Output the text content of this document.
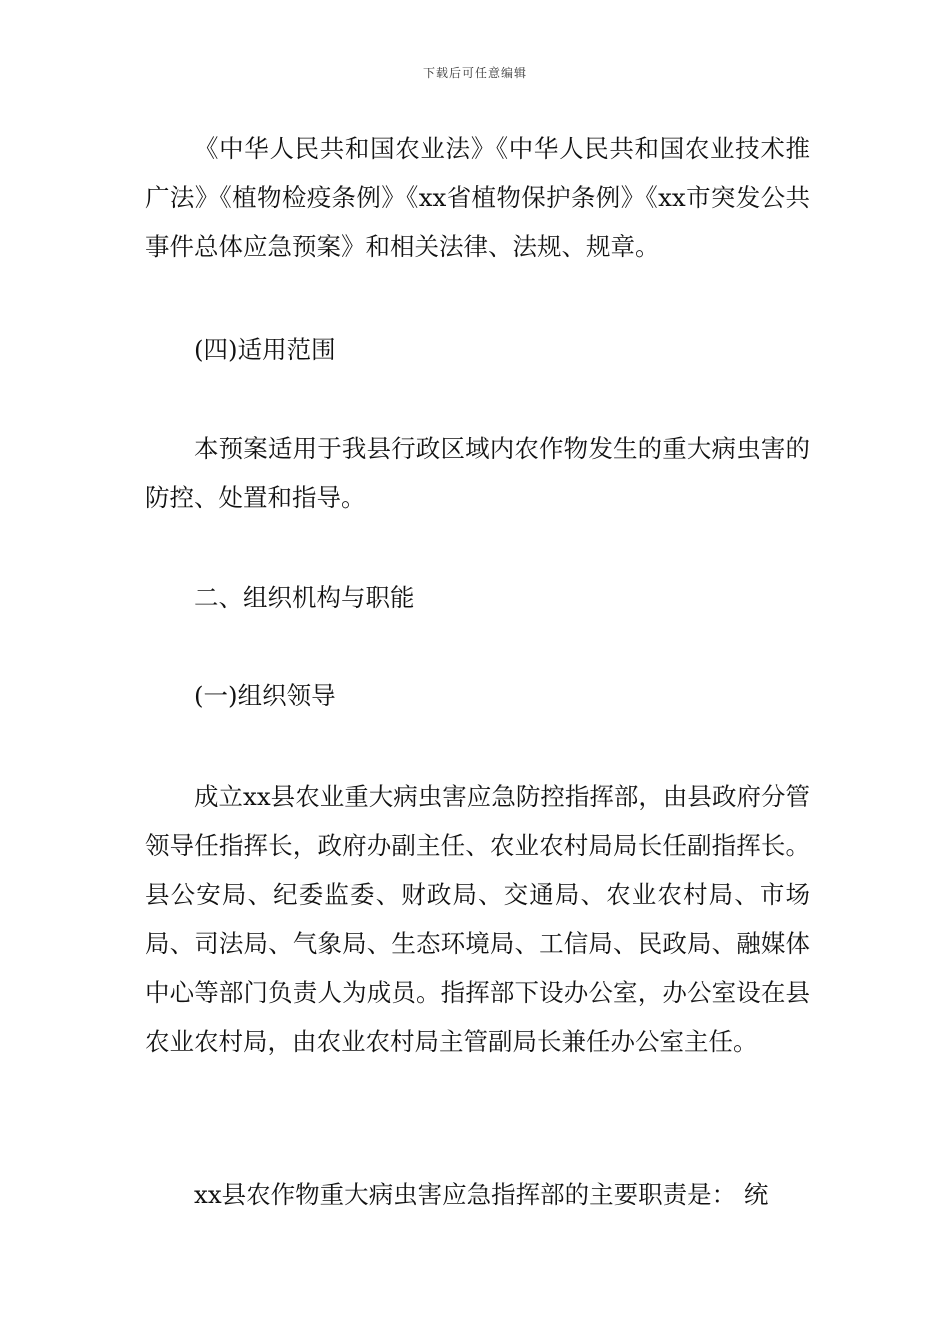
下载后可任意编辑

《中华人民共和国农业法》《中华人民共和国农业技术推广法》《植物检疫条例》《xx省植物保护条例》《xx市突发公共事件总体应急预案》和相关法律、法规、规章。

(四)适用范围

本预案适用于我县行政区域内农作物发生的重大病虫害的防控、处置和指导。

二、组织机构与职能

(一)组织领导

成立xx县农业重大病虫害应急防控指挥部，由县政府分管领导任指挥长，政府办副主任、农业农村局局长任副指挥长。县公安局、纪委监委、财政局、交通局、农业农村局、市场局、司法局、气象局、生态环境局、工信局、民政局、融媒体中心等部门负责人为成员。指挥部下设办公室，办公室设在县农业农村局，由农业农村局主管副局长兼任办公室主任。

xx县农作物重大病虫害应急指挥部的主要职责是： 统
